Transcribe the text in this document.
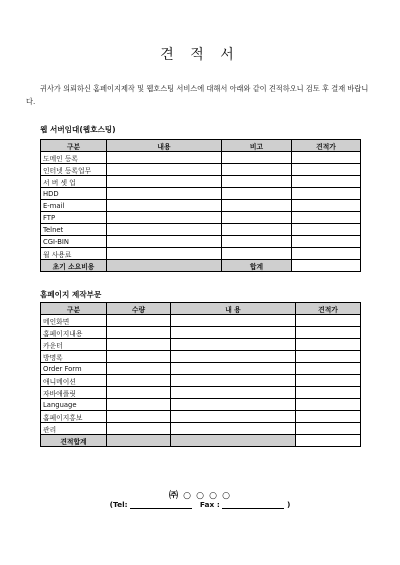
견 적 서
귀사가 의뢰하신 홈페이지제작 및 웹호스팅 서비스에 대해서 아래와 같이 견적하오니 검토 후 결재 바랍니다.
웹 서버임대(웹호스팅)
구분	내용	비고	견적가
도메인 등록			
인터넷 등록업무			
서 버 셋 업			
HDD			
E-mail			
FTP			
Telnet			
CGI-BIN			
월 사용료			
초기 소요비용		합계	
홈페이지 제작부문
구분	수량	내 용	견적가
메인화면			
홈페이지내용			
카운터			
방명록			
Order Form			
애니메이션			
자바애플릿			
Language			
홈페이지홍보			
관리			
견적합계			
㈜ ○ ○ ○ ○
(Tel:	Fax :	)
